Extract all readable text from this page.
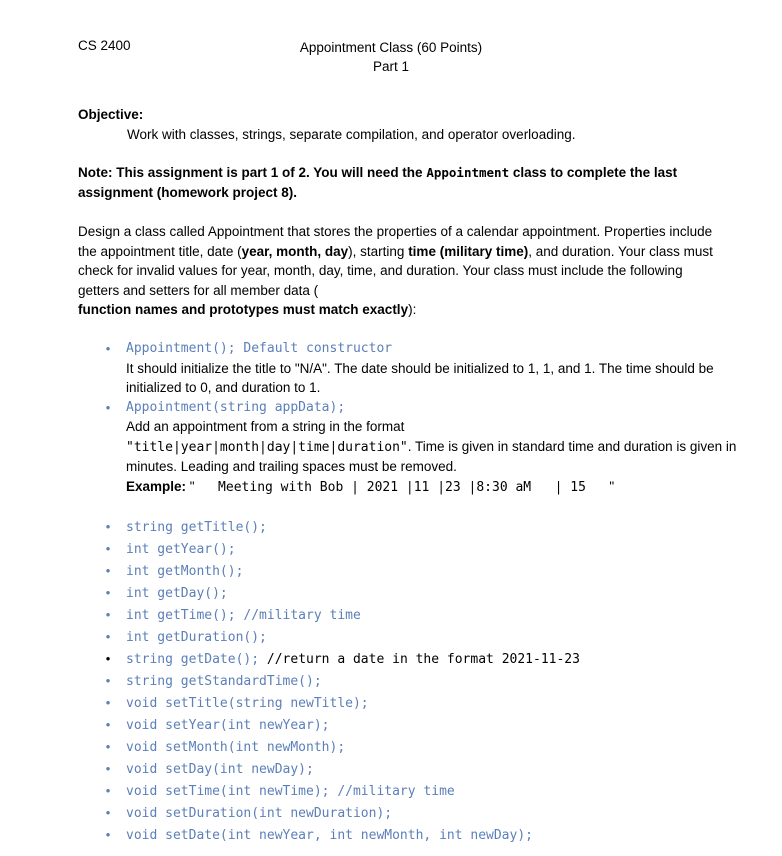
CS 2400	Appointment Class (60 Points)
Part 1
Objective:
Work with classes, strings, separate compilation, and operator overloading.
Note: This assignment is part 1 of 2. You will need the Appointment class to complete the last assignment (homework project 8).
Design a class called Appointment that stores the properties of a calendar appointment. Properties include the appointment title, date (year, month, day), starting time (military time), and duration. Your class must check for invalid values for year, month, day, time, and duration. Your class must include the following getters and setters for all member data (
function names and prototypes must match exactly):
• Appointment(); Default constructor
It should initialize the title to "N/A". The date should be initialized to 1, 1, and 1. The time should be initialized to 0, and duration to 1.
• Appointment(string appData);
Add an appointment from a string in the format
"title|year|month|day|time|duration". Time is given in standard time and duration is given in minutes. Leading and trailing spaces must be removed.
Example: "   Meeting with Bob | 2021 |11 |23 |8:30 aM   | 15   "
• string getTitle();
• int getYear();
• int getMonth();
• int getDay();
• int getTime(); //military time
• int getDuration();
• string getDate(); //return a date in the format 2021-11-23
• string getStandardTime();
• void setTitle(string newTitle);
• void setYear(int newYear);
• void setMonth(int newMonth);
• void setDay(int newDay);
• void setTime(int newTime); //military time
• void setDuration(int newDuration);
• void setDate(int newYear, int newMonth, int newDay);
